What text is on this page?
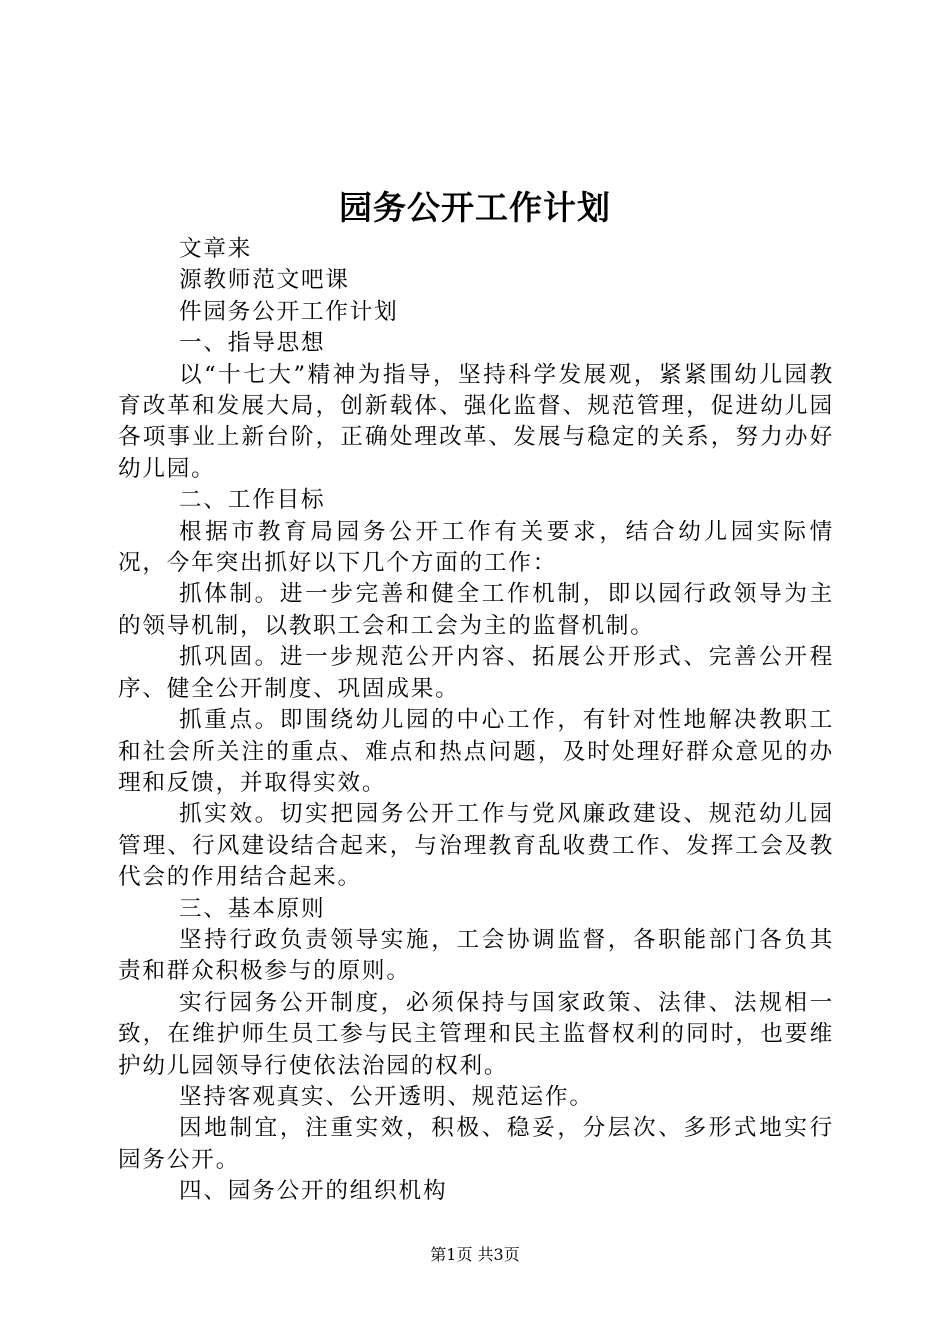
园务公开工作计划

文章来

源教师范文吧课

件园务公开工作计划

一、指导思想

以“十七大”精神为指导，坚持科学发展观，紧紧围幼儿园教育改革和发展大局，创新载体、强化监督、规范管理，促进幼儿园各项事业上新台阶，正确处理改革、发展与稳定的关系，努力办好幼儿园。

二、工作目标

根据市教育局园务公开工作有关要求，结合幼儿园实际情况，今年突出抓好以下几个方面的工作：

抓体制。进一步完善和健全工作机制，即以园行政领导为主的领导机制，以教职工会和工会为主的监督机制。

抓巩固。进一步规范公开内容、拓展公开形式、完善公开程序、健全公开制度、巩固成果。

抓重点。即围绕幼儿园的中心工作，有针对性地解决教职工和社会所关注的重点、难点和热点问题，及时处理好群众意见的办理和反馈，并取得实效。

抓实效。切实把园务公开工作与党风廉政建设、规范幼儿园管理、行风建设结合起来，与治理教育乱收费工作、发挥工会及教代会的作用结合起来。

三、基本原则

坚持行政负责领导实施，工会协调监督，各职能部门各负其责和群众积极参与的原则。

实行园务公开制度，必须保持与国家政策、法律、法规相一致，在维护师生员工参与民主管理和民主监督权利的同时，也要维护幼儿园领导行使依法治园的权利。

坚持客观真实、公开透明、规范运作。

因地制宜，注重实效，积极、稳妥，分层次、多形式地实行园务公开。

四、园务公开的组织机构

第1页 共3页
